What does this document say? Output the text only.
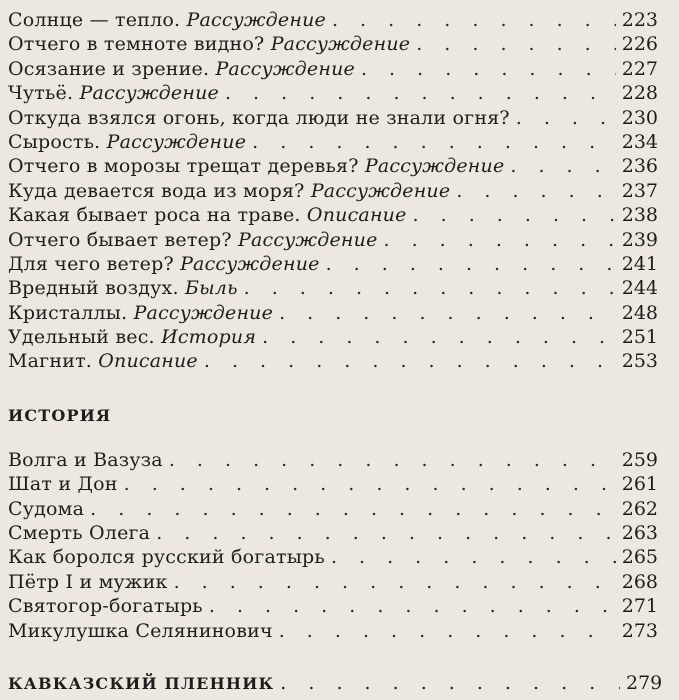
Солнце — тепло. Рассуждение . . .	223
Отчего в темноте видно? Рассуждение . . .	226
Осязание и зрение. Рассуждение . . .	227
Чутьё. Рассуждение . . .	228
Откуда взялся огонь, когда люди не знали огня? . . .	230
Сырость. Рассуждение . . .	234
Отчего в морозы трещат деревья? Рассуждение . . .	236
Куда девается вода из моря? Рассуждение . . .	237
Какая бывает роса на траве. Описание . . .	238
Отчего бывает ветер? Рассуждение . . .	239
Для чего ветер? Рассуждение . . .	241
Вредный воздух. Быль . . .	244
Кристаллы. Рассуждение . . .	248
Удельный вес. История . . .	251
Магнит. Описание . . .	253
ИСТОРИЯ
Волга и Вазуза . . .	259
Шат и Дон . . .	261
Судома . . .	262
Смерть Олега . . .	263
Как боролся русский богатырь . . .	265
Пётр I и мужик . . .	268
Святогор-богатырь . . .	271
Микулушка Селянинович . . .	273
КАВКАЗСКИЙ ПЛЕННИК . . .	279
